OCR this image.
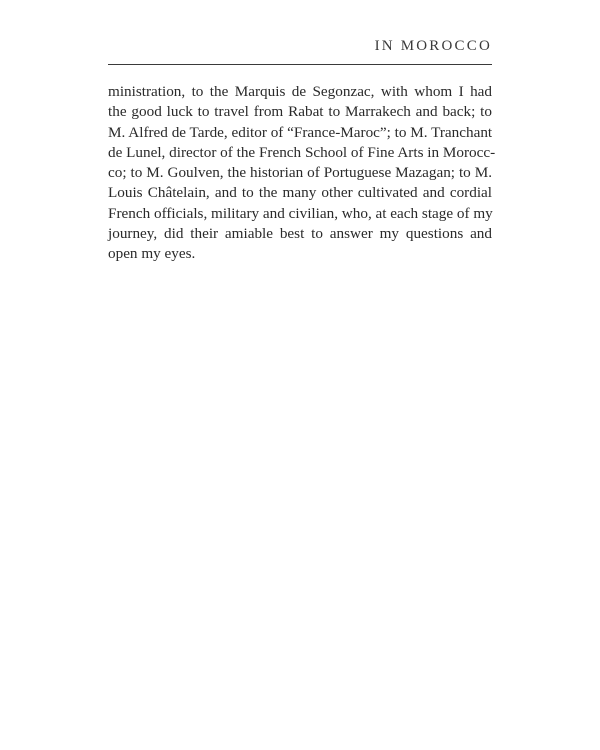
IN MOROCCO

ministration, to the Marquis de Segonzac, with whom I had
the good luck to travel from Rabat to Marrakech and back; to
M. Alfred de Tarde, editor of “France-Maroc”; to M. Tranchant
de Lunel, director of the French School of Fine Arts in Morocc-
co; to M. Goulven, the historian of Portuguese Mazagan; to M.
Louis Châtelain, and to the many other cultivated and cordial
French officials, military and civilian, who, at each stage of my
journey, did their amiable best to answer my questions and
open my eyes.
